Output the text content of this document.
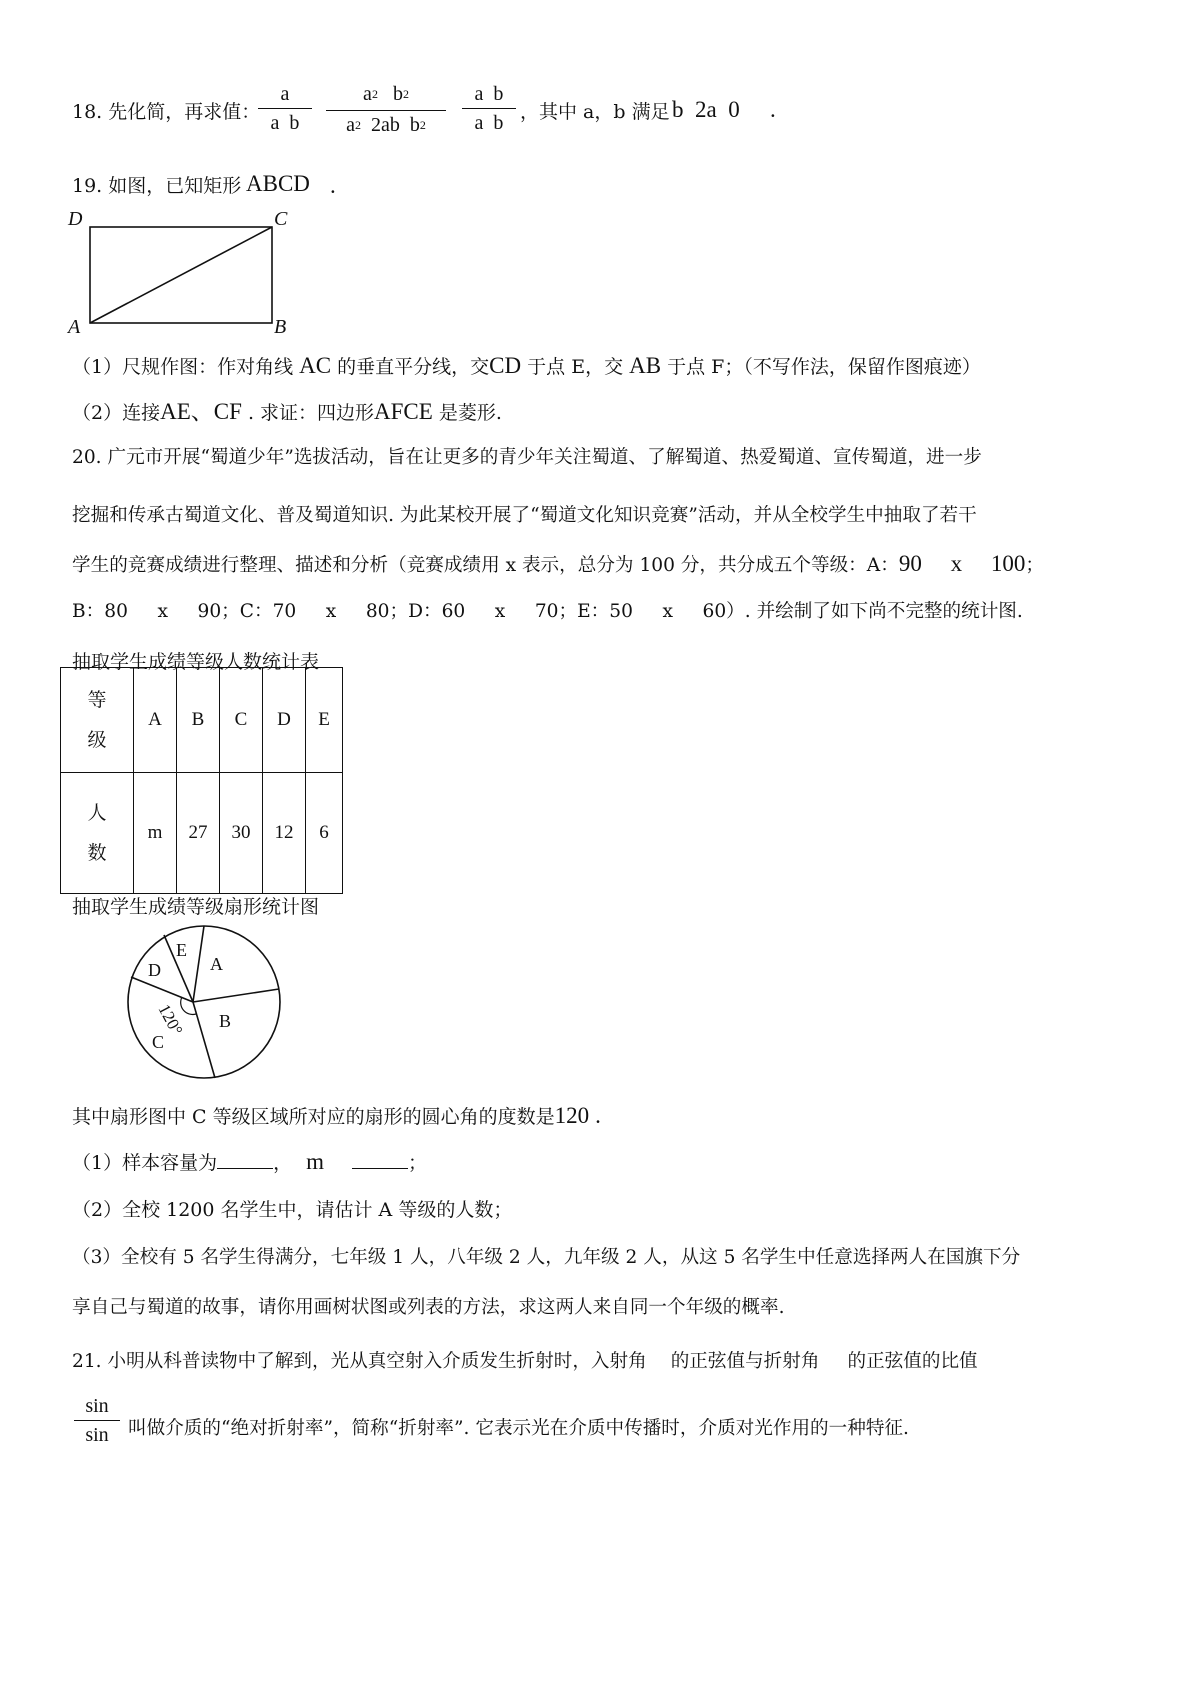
18. 先化简，再求值：
a
a  b
$a_2$ $b_2$
$a_2$ 2ab  $b_2$
a  b
a  b ，其中 a，b 满足 b  2a  0 .
19. 如图，已知矩形 ABCD .
D	C
A	B
（1）尺规作图：作对角线 AC 的垂直平分线，交CD 于点 E，交 AB 于点 F；（不写作法，保留作图痕迹）
（2）连接AE、CF . 求证：四边形AFCE 是菱形.
20. 广元市开展“蜀道少年”选拔活动，旨在让更多的青少年关注蜀道、了解蜀道、热爱蜀道、宣传蜀道，进一步
挖掘和传承古蜀道文化、普及蜀道知识. 为此某校开展了“蜀道文化知识竞赛”活动，并从全校学生中抽取了若干
学生的竞赛成绩进行整理、描述和分析（竞赛成绩用 x 表示，总分为 100 分，共分成五个等级：A：90     x     100；
B：80     x     90；C：70     x     80；D：60     x     70；E：50     x     60）. 并绘制了如下尚不完整的统计图.
抽取学生成绩等级人数统计表
等
级	A	B	C	D	E

人
数	m	27	30	12	6
抽取学生成绩等级扇形统计图
A
B
C
D
E
120°
其中扇形图中 C 等级区域所对应的扇形的圆心角的度数是120 .
（1）样本容量为	， m	；
（2）全校 1200 名学生中，请估计 A 等级的人数；
（3）全校有 5 名学生得满分，七年级 1 人，八年级 2 人，九年级 2 人，从这 5 名学生中任意选择两人在国旗下分
享自己与蜀道的故事，请你用画树状图或列表的方法，求这两人来自同一个年级的概率.
21. 小明从科普读物中了解到，光从真空射入介质发生折射时，入射角 的正弦值与折射角 的正弦值的比值
sin
sin	叫做介质的“绝对折射率”，简称“折射率”. 它表示光在介质中传播时，介质对光作用的一种特征.
